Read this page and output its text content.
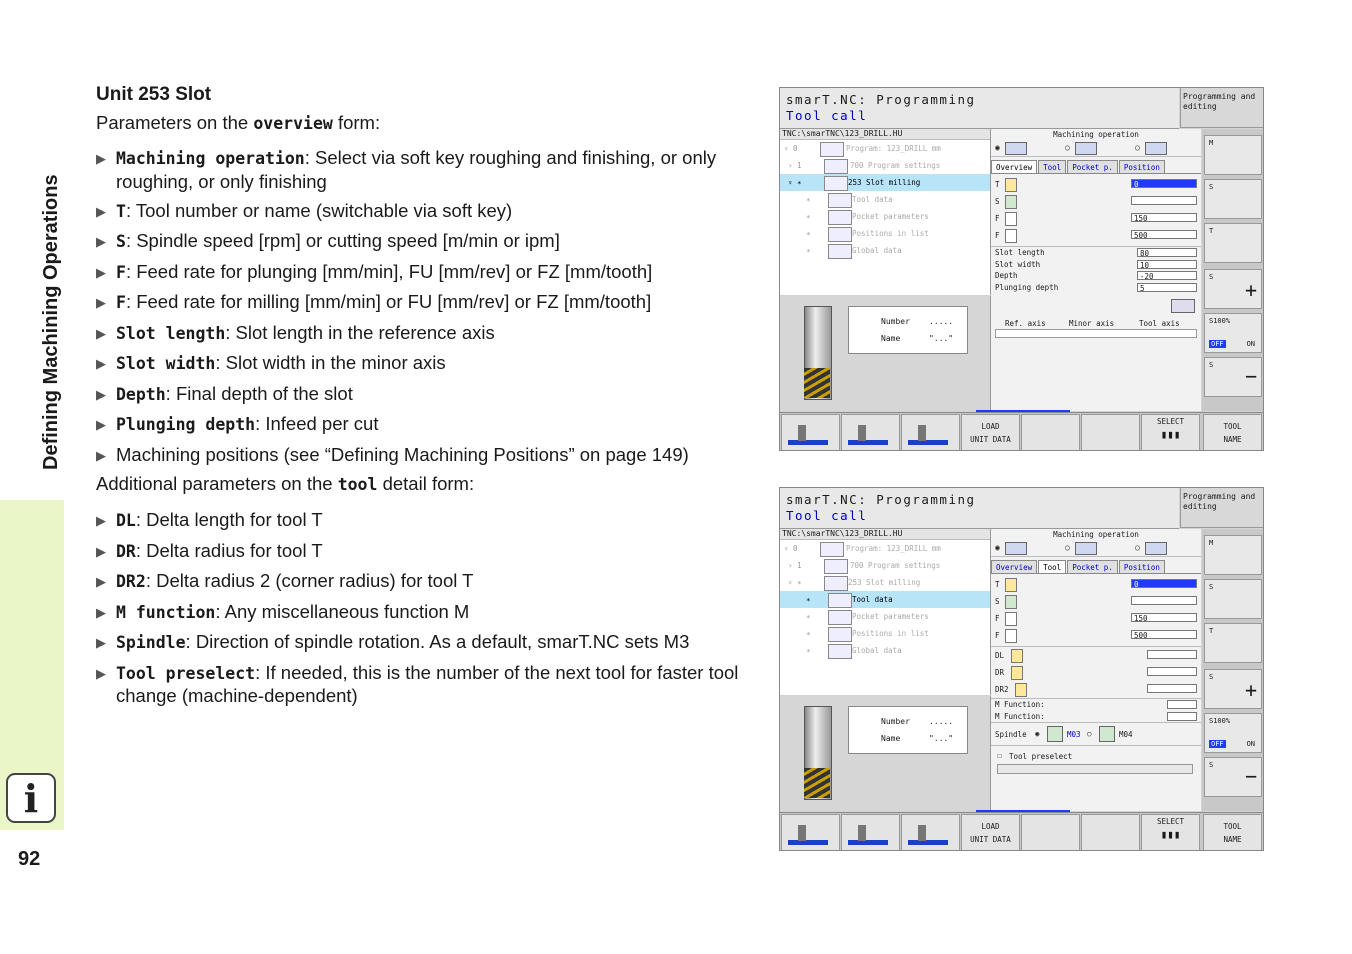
Defining Machining Operations
i
92
Unit 253 Slot
Parameters on the overview form:
▶ Machining operation: Select via soft key roughing and finishing, or only roughing, or only finishing
▶ T: Tool number or name (switchable via soft key)
▶ S: Spindle speed [rpm] or cutting speed [m/min or ipm]
▶ F: Feed rate for plunging [mm/min], FU [mm/rev] or FZ [mm/tooth]
▶ F: Feed rate for milling [mm/min] or FU [mm/rev] or FZ [mm/tooth]
▶ Slot length: Slot length in the reference axis
▶ Slot width: Slot width in the minor axis
▶ Depth: Final depth of the slot
▶ Plunging depth: Infeed per cut
▶ Machining positions (see “Defining Machining Positions” on page 149)
Additional parameters on the tool detail form:
▶ DL: Delta length for tool T
▶ DR: Delta radius for tool T
▶ DR2: Delta radius 2 (corner radius) for tool T
▶ M function: Any miscellaneous function M
▶ Spindle: Direction of spindle rotation. As a default, smarT.NC sets M3
▶ Tool preselect: If needed, this is the number of the next tool for faster tool change (machine-dependent)
smarT.NC: Programming
Tool call
Programming and editing
TNC:\smarTNC\123_DRILL.HU
▿ 0	Program: 123_DRILL mm
› 1	700 Program settings
▿ ∗	253 Slot milling
∗	Tool data
∗	Pocket parameters
∗	Positions in list
∗	Global data
Number .....
Name	"..."
Machining operation
◉	○	○
Overview	Tool	Pocket p.	Position
T	0
S
F	150
F	500
Slot length	80
Slot width	10
Depth	-20
Plunging depth	5
Ref. axis	Minor axis	Tool axis
M
S
T
S
+
S100%
OFF	ON
S −
LOAD
UNIT DATA
SELECT
▮▮▮
TOOL
NAME
smarT.NC: Programming
Tool call
Programming and editing
TNC:\smarTNC\123_DRILL.HU
▿ 0	Program: 123_DRILL mm
› 1	700 Program settings
▿ ∗	253 Slot milling
∗	Tool data
∗	Pocket parameters
∗	Positions in list
∗	Global data
Number .....
Name	"..."
Machining operation
◉	○	○
Overview	Tool	Pocket p.	Position
T	0
S
F	150
F	500
DL
DR
DR2
M Function:
M Function:
Spindle ◉	M03 ○	M04
☐ Tool preselect
M
S
T
S
+
S100%
OFF	ON
S −
LOAD
UNIT DATA
SELECT
▮▮▮
TOOL
NAME
